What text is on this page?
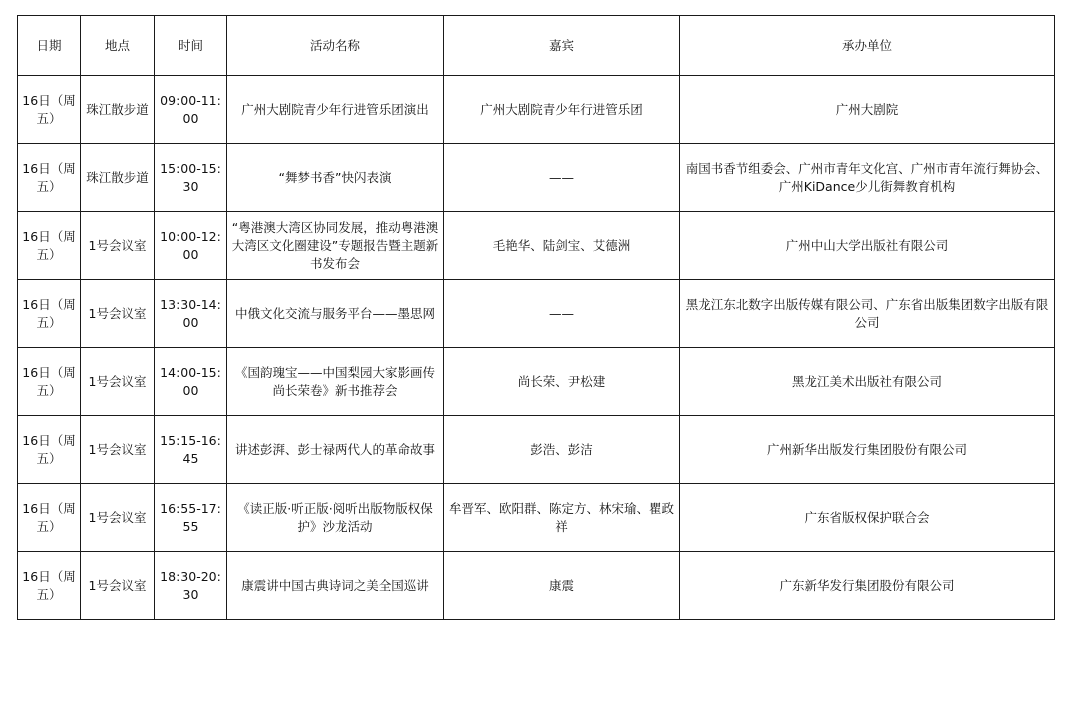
日期	地点	时间	活动名称	嘉宾	承办单位
16日（周五）	珠江散步道	09:00-11:00	广州大剧院青少年行进管乐团演出	广州大剧院青少年行进管乐团	广州大剧院
16日（周五）	珠江散步道	15:00-15:30	“舞梦书香”快闪表演	——	南国书香节组委会、广州市青年文化宫、广州市青年流行舞协会、广州KiDance少儿街舞教育机构
16日（周五）	1号会议室	10:00-12:00	“粤港澳大湾区协同发展，推动粤港澳大湾区文化圈建设”专题报告暨主题新书发布会	毛艳华、陆剑宝、艾德洲	广州中山大学出版社有限公司
16日（周五）	1号会议室	13:30-14:00	中俄文化交流与服务平台——墨思网	——	黑龙江东北数字出版传媒有限公司、广东省出版集团数字出版有限公司
16日（周五）	1号会议室	14:00-15:00	《国韵瑰宝——中国梨园大家影画传尚长荣卷》新书推荐会	尚长荣、尹松建	黑龙江美术出版社有限公司
16日（周五）	1号会议室	15:15-16:45	讲述彭湃、彭士禄两代人的革命故事	彭浩、彭洁	广州新华出版发行集团股份有限公司
16日（周五）	1号会议室	16:55-17:55	《读正版·听正版·阅听出版物版权保护》沙龙活动	牟晋军、欧阳群、陈定方、林宋瑜、瞿政祥	广东省版权保护联合会
16日（周五）	1号会议室	18:30-20:30	康震讲中国古典诗词之美全国巡讲	康震	广东新华发行集团股份有限公司
